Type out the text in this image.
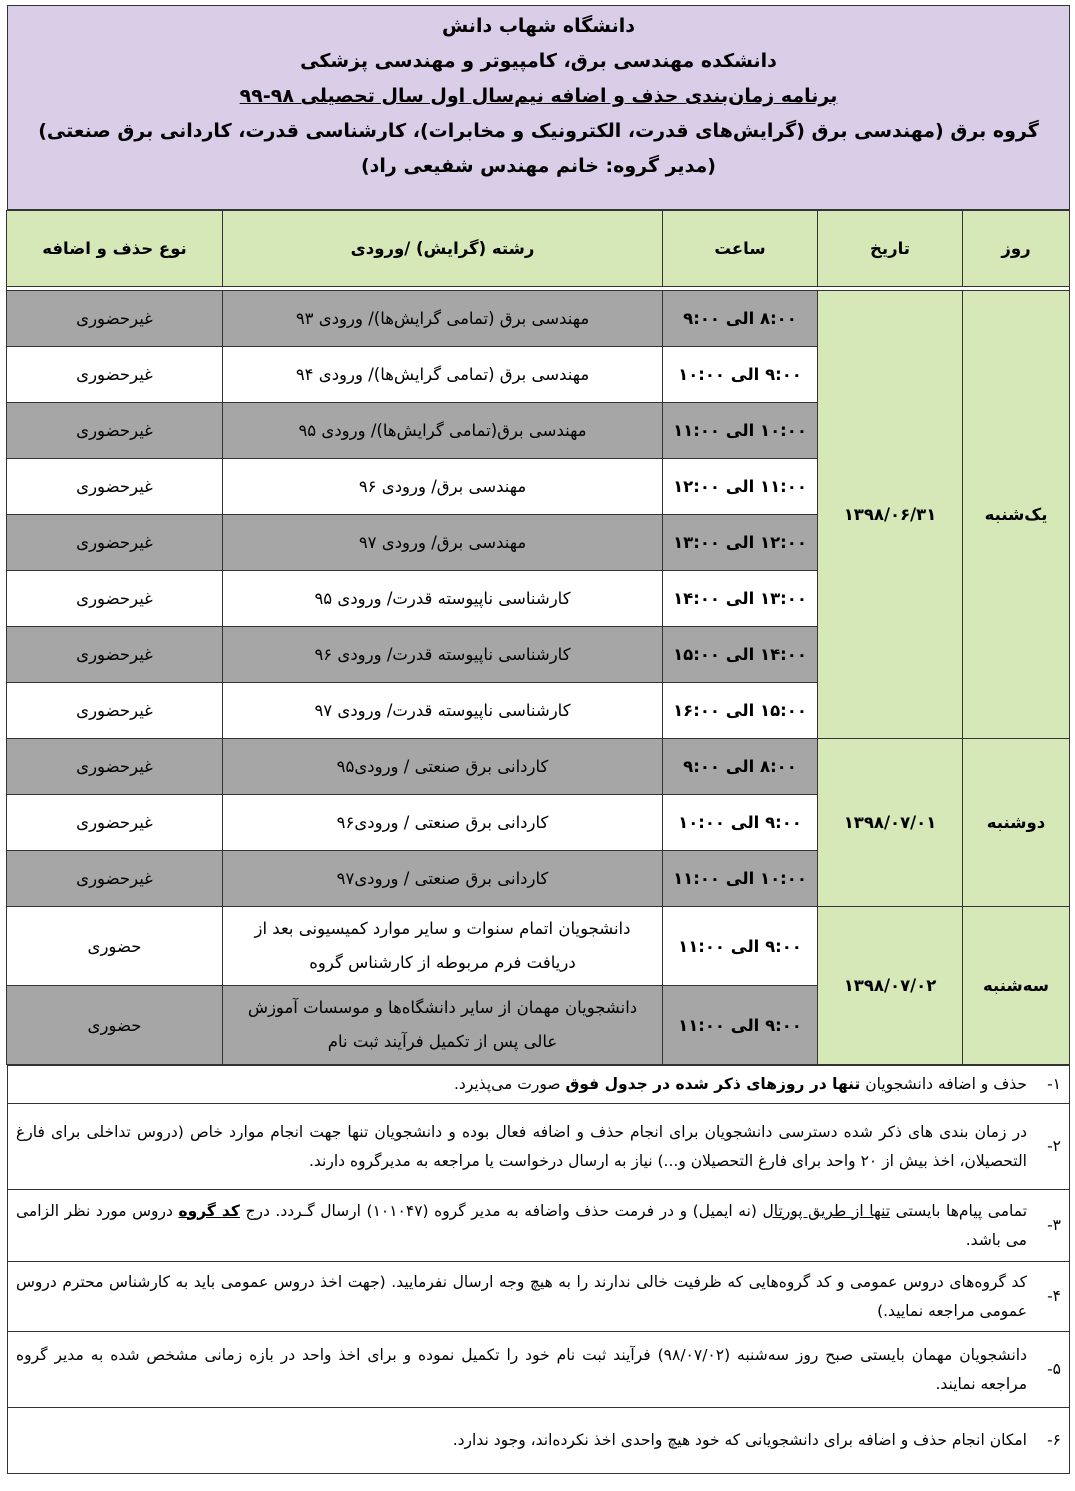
دانشگاه شهاب دانش
دانشکده مهندسی برق، کامپیوتر و مهندسی پزشکی
برنامه زمان‌بندی حذف و اضافه نیم‌سال اول سال تحصیلی ۹۸-۹۹
گروه برق (مهندسی برق (گرایش‌های قدرت، الکترونیک و مخابرات)، کارشناسی قدرت، کاردانی برق صنعتی)
(مدیر گروه: خانم مهندس شفیعی راد)
روز	تاریخ	ساعت	رشته (گرایش) /ورودی	نوع حذف و اضافه

یک‌شنبه	۱۳۹۸/۰۶/۳۱	۸:۰۰ الی ۹:۰۰	مهندسی برق (تمامی گرایش‌ها)/ ورودی ۹۳	غیرحضوری
		۹:۰۰ الی ۱۰:۰۰	مهندسی برق (تمامی گرایش‌ها)/ ورودی ۹۴	غیرحضوری
		۱۰:۰۰ الی ۱۱:۰۰	مهندسی برق(تمامی گرایش‌ها)/ ورودی ۹۵	غیرحضوری
		۱۱:۰۰ الی ۱۲:۰۰	مهندسی برق/ ورودی ۹۶	غیرحضوری
		۱۲:۰۰ الی ۱۳:۰۰	مهندسی برق/ ورودی ۹۷	غیرحضوری
		۱۳:۰۰ الی ۱۴:۰۰	کارشناسی ناپیوسته قدرت/ ورودی ۹۵	غیرحضوری
		۱۴:۰۰ الی ۱۵:۰۰	کارشناسی ناپیوسته قدرت/ ورودی ۹۶	غیرحضوری
		۱۵:۰۰ الی ۱۶:۰۰	کارشناسی ناپیوسته قدرت/ ورودی ۹۷	غیرحضوری
دوشنبه	۱۳۹۸/۰۷/۰۱	۸:۰۰ الی ۹:۰۰	کاردانی برق صنعتی / ورودی۹۵	غیرحضوری
		۹:۰۰ الی ۱۰:۰۰	کاردانی برق صنعتی / ورودی۹۶	غیرحضوری
		۱۰:۰۰ الی ۱۱:۰۰	کاردانی برق صنعتی / ورودی۹۷	غیرحضوری
سه‌شنبه	۱۳۹۸/۰۷/۰۲	۹:۰۰ الی ۱۱:۰۰	دانشجویان اتمام سنوات و سایر موارد کمیسیونی بعد از دریافت فرم مربوطه از کارشناس گروه	حضوری
		۹:۰۰ الی ۱۱:۰۰	دانشجویان مهمان از سایر دانشگاه‌ها و موسسات آموزش عالی پس از تکمیل فرآیند ثبت نام	حضوری
۱-
حذف و اضافه دانشجویان تنها در روزهای ذکر شده در جدول فوق صورت می‌پذیرد.
۲-
در زمان بندی های ذکر شده دسترسی دانشجویان برای انجام حذف و اضافه فعال بوده و دانشجویان تنها جهت انجام موارد خاص (دروس تداخلی برای فارغ التحصیلان، اخذ بیش از ۲۰ واحد برای فارغ التحصیلان و...) نیاز به ارسال درخواست یا مراجعه به مدیرگروه دارند.
۳-
تمامی پیام‌ها بایستی تنها از طریق پورتال (نه ایمیل) و در فرمت حذف واضافه به مدیر گروه (۱۰۱۰۴۷) ارسال گـردد. درج کد گروه دروس مورد نظر الزامی می باشد.
۴-
کد گروه‌های دروس عمومی و کد گروه‌هایی که ظرفیت خالی ندارند را به هیچ وجه ارسال نفرمایید. (جهت اخذ دروس عمومی باید به کارشناس محترم دروس عمومی مراجعه نمایید.)
۵-
دانشجویان مهمان بایستی صبح روز سه‌شنبه (۹۸/۰۷/۰۲) فرآیند ثبت نام خود را تکمیل نموده و برای اخذ واحد در بازه زمانی مشخص شده به مدیر گروه مراجعه نمایند.
۶-
امکان انجام حذف و اضافه برای دانشجویانی که خود هیچ واحدی اخذ نکرده‌اند، وجود ندارد.
